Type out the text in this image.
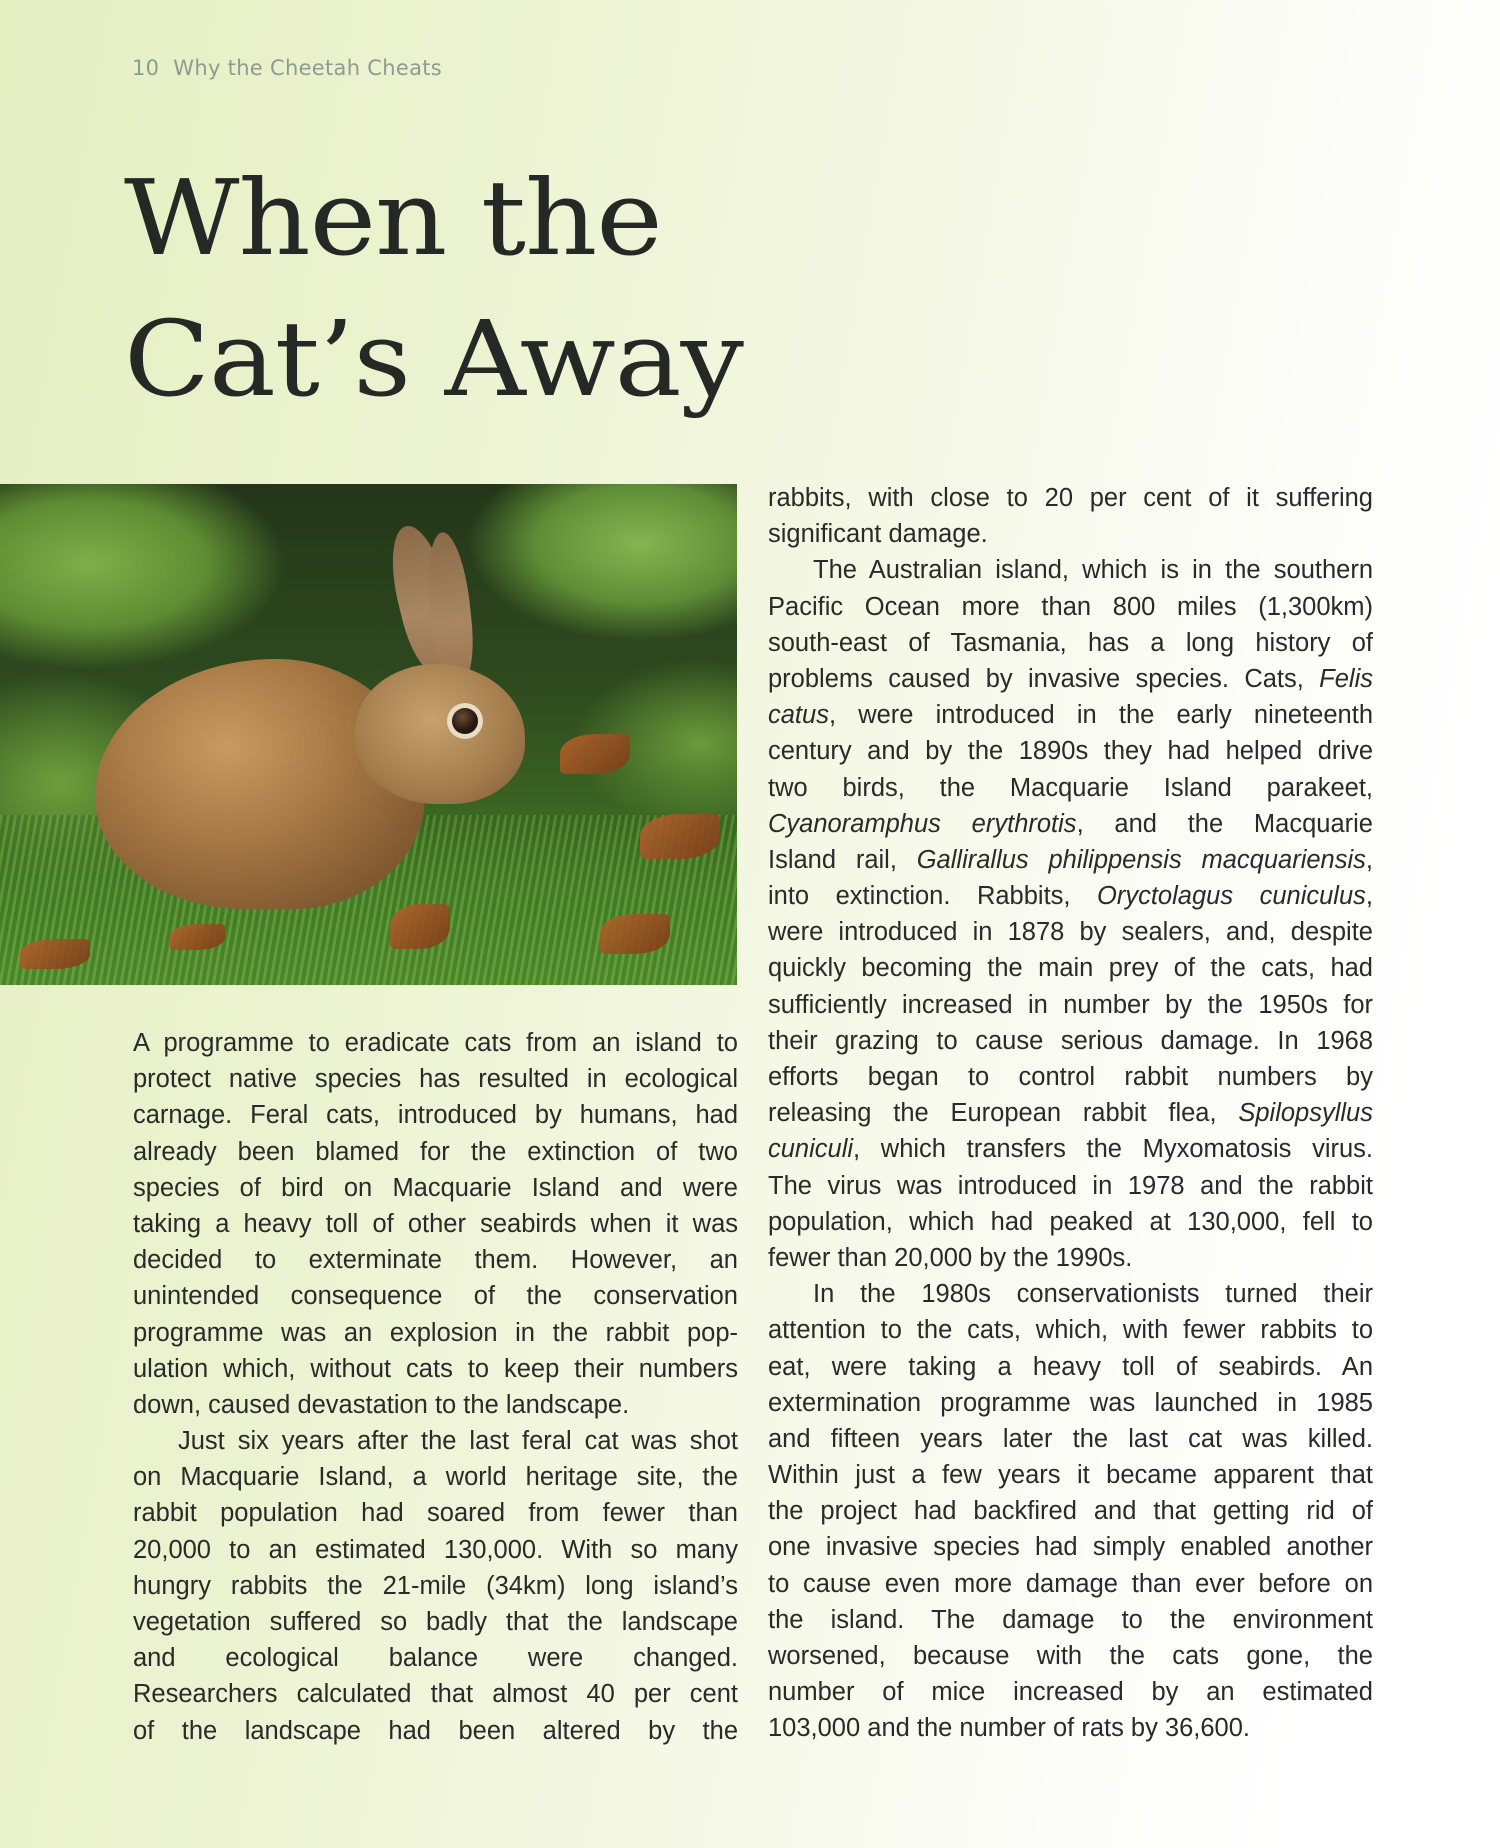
10 Why the Cheetah Cheats
When the
Cat’s Away
A programme to eradicate cats from an island to
protect native species has resulted in ecological
carnage. Feral cats, introduced by humans, had
already been blamed for the extinction of two
species of bird on Macquarie Island and were
taking a heavy toll of other seabirds when it was
decided to exterminate them. However, an
unintended consequence of the conservation
programme was an explosion in the rabbit pop-
ulation which, without cats to keep their numbers
down, caused devastation to the landscape.
Just six years after the last feral cat was shot
on Macquarie Island, a world heritage site, the
rabbit population had soared from fewer than
20,000 to an estimated 130,000. With so many
hungry rabbits the 21-mile (34km) long island’s
vegetation suffered so badly that the landscape
and ecological balance were changed.
Researchers calculated that almost 40 per cent
of the landscape had been altered by the
rabbits, with close to 20 per cent of it suffering
significant damage.
The Australian island, which is in the southern
Pacific Ocean more than 800 miles (1,300km)
south-east of Tasmania, has a long history of
problems caused by invasive species. Cats, Felis
catus, were introduced in the early nineteenth
century and by the 1890s they had helped drive
two birds, the Macquarie Island parakeet,
Cyanoramphus erythrotis, and the Macquarie
Island rail, Gallirallus philippensis macquariensis,
into extinction. Rabbits, Oryctolagus cuniculus,
were introduced in 1878 by sealers, and, despite
quickly becoming the main prey of the cats, had
sufficiently increased in number by the 1950s for
their grazing to cause serious damage. In 1968
efforts began to control rabbit numbers by
releasing the European rabbit flea, Spilopsyllus
cuniculi, which transfers the Myxomatosis virus.
The virus was introduced in 1978 and the rabbit
population, which had peaked at 130,000, fell to
fewer than 20,000 by the 1990s.
In the 1980s conservationists turned their
attention to the cats, which, with fewer rabbits to
eat, were taking a heavy toll of seabirds. An
extermination programme was launched in 1985
and fifteen years later the last cat was killed.
Within just a few years it became apparent that
the project had backfired and that getting rid of
one invasive species had simply enabled another
to cause even more damage than ever before on
the island. The damage to the environment
worsened, because with the cats gone, the
number of mice increased by an estimated
103,000 and the number of rats by 36,600.
